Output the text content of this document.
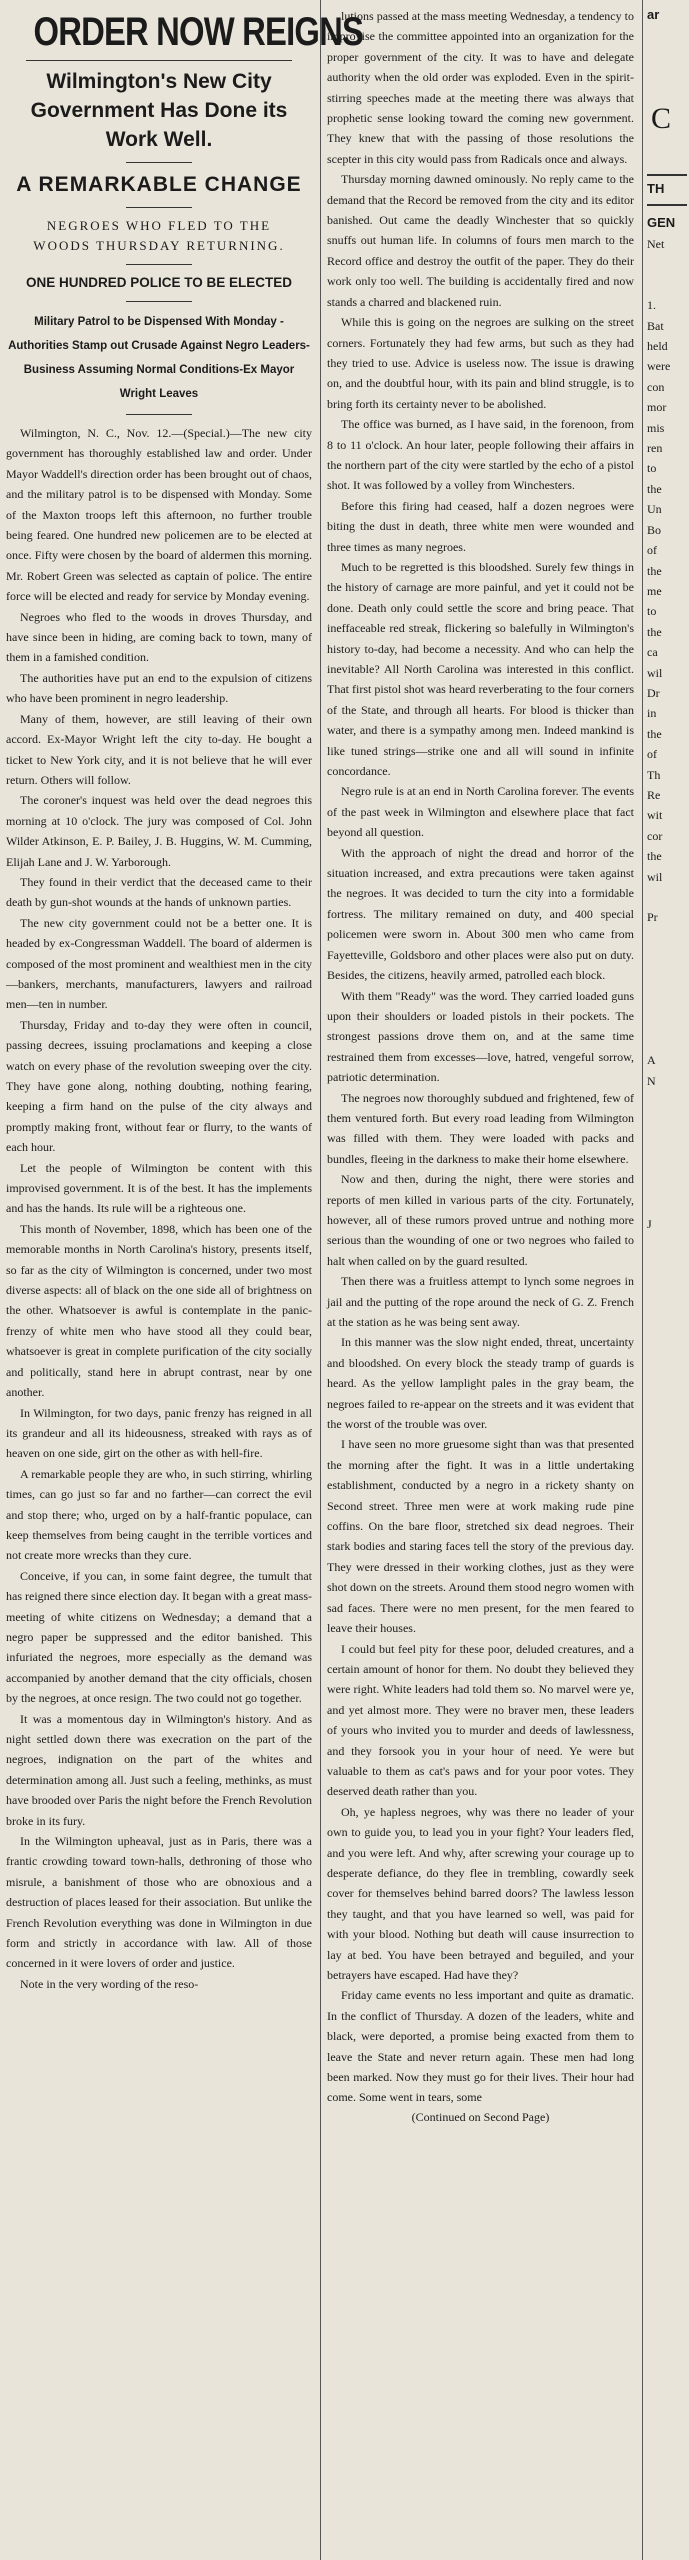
ORDER NOW REIGNS
Wilmington's New City Government Has Done its Work Well.
A REMARKABLE CHANGE
NEGROES WHO FLED TO THE WOODS THURSDAY RETURNING.
ONE HUNDRED POLICE TO BE ELECTED
Military Patrol to be Dispensed With Monday - Authorities Stamp out Crusade Against Negro Leaders- Business Assuming Normal Conditions-Ex Mayor Wright Leaves

Wilmington, N. C., Nov. 12.—(Special.)—The new city government has thoroughly established law and order. Under Mayor Waddell's direction order has been brought out of chaos, and the military patrol is to be dispensed with Monday. Some of the Maxton troops left this afternoon, no further trouble being feared. One hundred new policemen are to be elected at once. Fifty were chosen by the board of aldermen this morning. Mr. Robert Green was selected as captain of police. The entire force will be elected and ready for service by Monday evening.

Negroes who fled to the woods in droves Thursday, and have since been in hiding, are coming back to town, many of them in a famished condition.

The authorities have put an end to the expulsion of citizens who have been prominent in negro leadership.

Many of them, however, are still leaving of their own accord. Ex-Mayor Wright left the city to-day. He bought a ticket to New York city, and it is not believe that he will ever return. Others will follow.

The coroner's inquest was held over the dead negroes this morning at 10 o'clock. The jury was composed of Col. John Wilder Atkinson, E. P. Bailey, J. B. Huggins, W. M. Cumming, Elijah Lane and J. W. Yarborough.

They found in their verdict that the deceased came to their death by gun-shot wounds at the hands of unknown parties.

The new city government could not be a better one. It is headed by ex-Congressman Waddell. The board of aldermen is composed of the most prominent and wealthiest men in the city—bankers, merchants, manufacturers, lawyers and railroad men—ten in number.

Thursday, Friday and to-day they were often in council, passing decrees, issuing proclamations and keeping a close watch on every phase of the revolution sweeping over the city. They have gone along, nothing doubting, nothing fearing, keeping a firm hand on the pulse of the city always and promptly making front, without fear or flurry, to the wants of each hour.

Let the people of Wilmington be content with this improvised government. It is of the best. It has the implements and has the hands. Its rule will be a righteous one.

This month of November, 1898, which has been one of the memorable months in North Carolina's history, presents itself, so far as the city of Wilmington is concerned, under two most diverse aspects: all of black on the one side all of brightness on the other. Whatsoever is awful is contemplate in the panic-frenzy of white men who have stood all they could bear, whatsoever is great in complete purification of the city socially and politically, stand here in abrupt contrast, near by one another.

In Wilmington, for two days, panic frenzy has reigned in all its grandeur and all its hideousness, streaked with rays as of heaven on one side, girt on the other as with hell-fire.

A remarkable people they are who, in such stirring, whirling times, can go just so far and no farther—can correct the evil and stop there; who, urged on by a half-frantic populace, can keep themselves from being caught in the terrible vortices and not create more wrecks than they cure.

Conceive, if you can, in some faint degree, the tumult that has reigned there since election day. It began with a great mass-meeting of white citizens on Wednesday; a demand that a negro paper be suppressed and the editor banished. This infuriated the negroes, more especially as the demand was accompanied by another demand that the city officials, chosen by the negroes, at once resign. The two could not go together.

It was a momentous day in Wilmington's history. And as night settled down there was execration on the part of the negroes, indignation on the part of the whites and determination among all. Just such a feeling, methinks, as must have brooded over Paris the night before the French Revolution broke in its fury.

In the Wilmington upheaval, just as in Paris, there was a frantic crowding toward town-halls, dethroning of those who misrule, a banishment of those who are obnoxious and a destruction of places leased for their association. But unlike the French Revolution everything was done in Wilmington in due form and strictly in accordance with law. All of those concerned in it were lovers of order and justice.

Note in the very wording of the reso-

lutions passed at the mass meeting Wednesday, a tendency to improvise the committee appointed into an organization for the proper government of the city. It was to have and delegate authority when the old order was exploded. Even in the spirit-stirring speeches made at the meeting there was always that prophetic sense looking toward the coming new government. They knew that with the passing of those resolutions the scepter in this city would pass from Radicals once and always.

Thursday morning dawned ominously. No reply came to the demand that the Record be removed from the city and its editor banished. Out came the deadly Winchester that so quickly snuffs out human life. In columns of fours men march to the Record office and destroy the outfit of the paper. They do their work only too well. The building is accidentally fired and now stands a charred and blackened ruin.

While this is going on the negroes are sulking on the street corners. Fortunately they had few arms, but such as they had they tried to use. Advice is useless now. The issue is drawing on, and the doubtful hour, with its pain and blind struggle, is to bring forth its certainty never to be abolished.

The office was burned, as I have said, in the forenoon, from 8 to 11 o'clock. An hour later, people following their affairs in the northern part of the city were startled by the echo of a pistol shot. It was followed by a volley from Winchesters.

Before this firing had ceased, half a dozen negroes were biting the dust in death, three white men were wounded and three times as many negroes.

Much to be regretted is this bloodshed. Surely few things in the history of carnage are more painful, and yet it could not be done. Death only could settle the score and bring peace. That ineffaceable red streak, flickering so balefully in Wilmington's history to-day, had become a necessity. And who can help the inevitable? All North Carolina was interested in this conflict. That first pistol shot was heard reverberating to the four corners of the State, and through all hearts. For blood is thicker than water, and there is a sympathy among men. Indeed mankind is like tuned strings—strike one and all will sound in infinite concordance.

Negro rule is at an end in North Carolina forever. The events of the past week in Wilmington and elsewhere place that fact beyond all question.

With the approach of night the dread and horror of the situation increased, and extra precautions were taken against the negroes. It was decided to turn the city into a formidable fortress. The military remained on duty, and 400 special policemen were sworn in. About 300 men who came from Fayetteville, Goldsboro and other places were also put on duty. Besides, the citizens, heavily armed, patrolled each block.

With them "Ready" was the word. They carried loaded guns upon their shoulders or loaded pistols in their pockets. The strongest passions drove them on, and at the same time restrained them from excesses—love, hatred, vengeful sorrow, patriotic determination.

The negroes now thoroughly subdued and frightened, few of them ventured forth. But every road leading from Wilmington was filled with them. They were loaded with packs and bundles, fleeing in the darkness to make their home elsewhere.

Now and then, during the night, there were stories and reports of men killed in various parts of the city. Fortunately, however, all of these rumors proved untrue and nothing more serious than the wounding of one or two negroes who failed to halt when called on by the guard resulted.

Then there was a fruitless attempt to lynch some negroes in jail and the putting of the rope around the neck of G. Z. French at the station as he was being sent away.

In this manner was the slow night ended, threat, uncertainty and bloodshed. On every block the steady tramp of guards is heard. As the yellow lamplight pales in the gray beam, the negroes failed to re-appear on the streets and it was evident that the worst of the trouble was over.

I have seen no more gruesome sight than was that presented the morning after the fight. It was in a little undertaking establishment, conducted by a negro in a rickety shanty on Second street. Three men were at work making rude pine coffins. On the bare floor, stretched six dead negroes. Their stark bodies and staring faces tell the story of the previous day. They were dressed in their working clothes, just as they were shot down on the streets. Around them stood negro women with sad faces. There were no men present, for the men feared to leave their houses.

I could but feel pity for these poor, deluded creatures, and a certain amount of honor for them. No doubt they believed they were right. White leaders had told them so. No marvel were ye, and yet almost more. They were no braver men, these leaders of yours who invited you to murder and deeds of lawlessness, and they forsook you in your hour of need. Ye were but valuable to them as cat's paws and for your poor votes. They deserved death rather than you.

Oh, ye hapless negroes, why was there no leader of your own to guide you, to lead you in your fight? Your leaders fled, and you were left. And why, after screwing your courage up to desperate defiance, do they flee in trembling, cowardly seek cover for themselves behind barred doors? The lawless lesson they taught, and that you have learned so well, was paid for with your blood. Nothing but death will cause insurrection to lay at bed. You have been betrayed and beguiled, and your betrayers have escaped. Had have they?

Friday came events no less important and quite as dramatic. In the conflict of Thursday. A dozen of the leaders, white and black, were deported, a promise being exacted from them to leave the State and never return again. These men had long been marked. Now they must go for their lives. Their hour had come. Some went in tears, some

(Continued on Second Page)
ar
C
TH
GEN
Net

1.
Bat
held
were
con
mor
mis
ren
to
the
Un
Bo
of
the
me
to
the
ca
wil
Dr
in
the
of
Th
Re
wit
cor
the
wil

Pr

A
N

J
